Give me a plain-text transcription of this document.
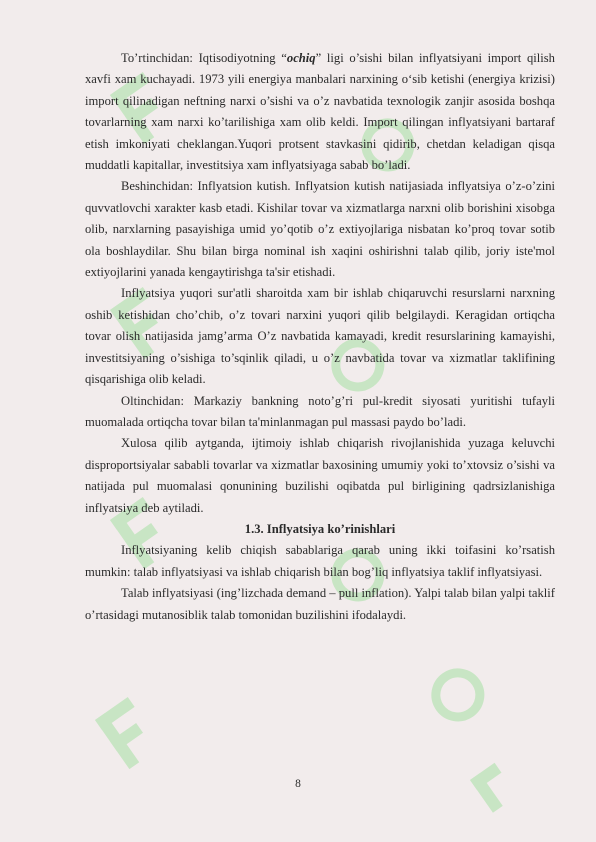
To’rtinchidan: Iqtisodiyotning “ochiq” ligi o’sishi bilan inflyatsiyani import qilish xavfi xam kuchayadi. 1973 yili energiya manbalari narxining o‘sib ketishi (energiya krizisi) import qilinadigan neftning narxi o’sishi va o’z navbatida texnologik zanjir asosida boshqa tovarlarning xam narxi ko’tarilishiga xam olib keldi. Import qilingan inflyatsiyani bartaraf etish imkoniyati cheklangan.Yuqori protsent stavkasini qidirib, chetdan keladigan qisqa muddatli kapitallar, investitsiya xam inflyatsiyaga sabab bo’ladi.

Beshinchidan: Inflyatsion kutish. Inflyatsion kutish natijasiada inflyatsiya o’z-o’zini quvvatlovchi xarakter kasb etadi. Kishilar tovar va xizmatlarga narxni olib borishini xisobga olib, narxlarning pasayishiga umid yo’qotib o’z extiyojlariga nisbatan ko’proq tovar sotib ola boshlaydilar. Shu bilan birga nominal ish xaqini oshirishni talab qilib, joriy iste'mol extiyojlarini yanada kengaytirishga ta'sir etishadi.

Inflyatsiya yuqori sur'atli sharoitda xam bir ishlab chiqaruvchi resurslarni narxning oshib ketishidan cho’chib, o’z tovari narxini yuqori qilib belgilaydi. Keragidan ortiqcha tovar olish natijasida jamg’arma O’z navbatida kamayadi, kredit resurslarining kamayishi, investitsiyaning o’sishiga to’sqinlik qiladi, u o’z navbatida tovar va xizmatlar taklifining qisqarishiga olib keladi.

Oltinchidan: Markaziy bankning noto’g’ri pul-kredit siyosati yuritishi tufayli muomalada ortiqcha tovar bilan ta'minlanmagan pul massasi paydo bo’ladi.

Xulosa qilib aytganda, ijtimoiy ishlab chiqarish rivojlanishida yuzaga keluvchi disproportsiyalar sababli tovarlar va xizmatlar baxosining umumiy yoki to’xtovsiz o’sishi va natijada pul muomalasi qonunining buzilishi oqibatda pul birligining qadrsizlanishiga inflyatsiya deb aytiladi.

1.3. Inflyatsiya ko’rinishlari

Inflyatsiyaning kelib chiqish sabablariga qarab uning ikki toifasini ko’rsatish mumkin: talab inflyatsiyasi va ishlab chiqarish bilan bog’liq inflyatsiya taklif inflyatsiyasi.

Talab inflyatsiyasi (ing’lizchada demand – pull inflation). Yalpi talab bilan yalpi taklif o’rtasidagi mutanosiblik talab tomonidan buzilishini ifodalaydi.

8
